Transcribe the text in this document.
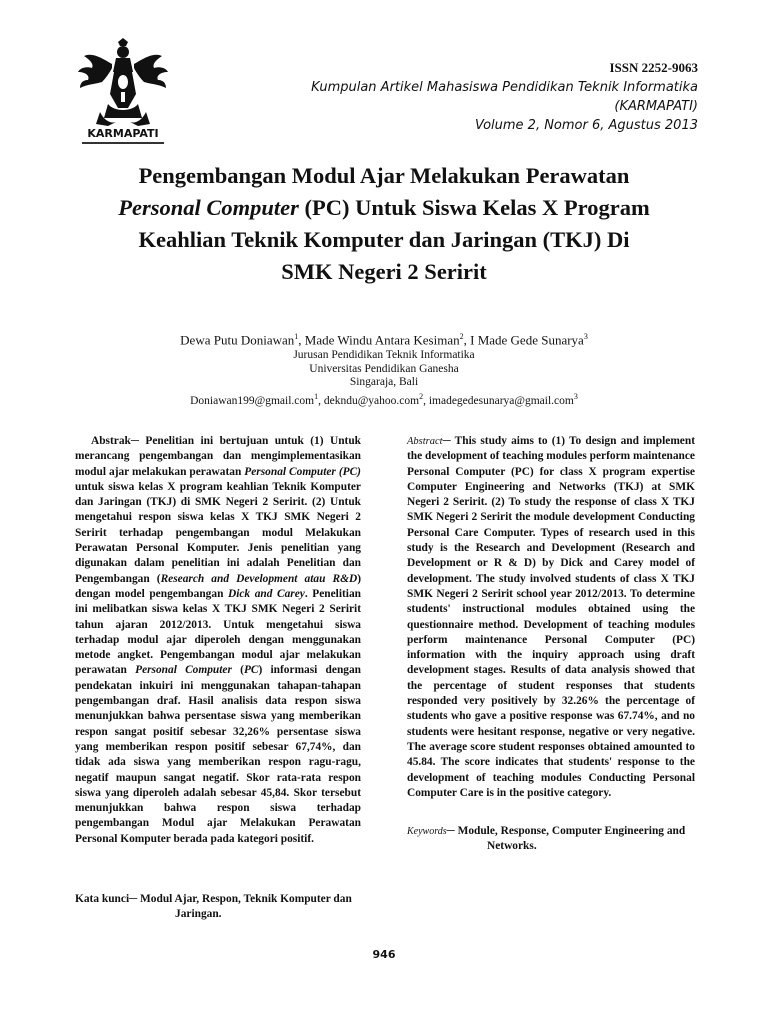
KARMAPATI
ISSN 2252-9063
Kumpulan Artikel Mahasiswa Pendidikan Teknik Informatika
(KARMAPATI)
Volume 2, Nomor 6, Agustus 2013
Pengembangan Modul Ajar Melakukan Perawatan
Personal Computer (PC) Untuk Siswa Kelas X Program
Keahlian Teknik Komputer dan Jaringan (TKJ) Di
SMK Negeri 2 Seririt
Dewa Putu Doniawan$^1$, Made Windu Antara Kesiman$^2$, I Made Gede Sunarya$^3$
Jurusan Pendidikan Teknik Informatika
Universitas Pendidikan Ganesha
Singaraja, Bali
Doniawan199@gmail.com$^1$, dekndu@yahoo.com$^2$, imadegedesunarya@gmail.com$^3$

Abstrak─ Penelitian ini bertujuan untuk (1) Untuk merancang pengembangan dan mengimplementasikan modul ajar melakukan perawatan Personal Computer (PC) untuk siswa kelas X program keahlian Teknik Komputer dan Jaringan (TKJ) di SMK Negeri 2 Seririt. (2) Untuk mengetahui respon siswa kelas X TKJ SMK Negeri 2 Seririt terhadap pengembangan modul Melakukan Perawatan Personal Komputer. Jenis penelitian yang digunakan dalam penelitian ini adalah Penelitian dan Pengembangan (Research and Development atau R&D) dengan model pengembangan Dick and Carey. Penelitian ini melibatkan siswa kelas X TKJ SMK Negeri 2 Seririt tahun ajaran 2012/2013. Untuk mengetahui siswa terhadap modul ajar diperoleh dengan menggunakan metode angket. Pengembangan modul ajar melakukan perawatan Personal Computer (PC) informasi dengan pendekatan inkuiri ini menggunakan tahapan-tahapan pengembangan draf. Hasil analisis data respon siswa menunjukkan bahwa persentase siswa yang memberikan respon sangat positif sebesar 32,26% persentase siswa yang memberikan respon positif sebesar 67,74%, dan tidak ada siswa yang memberikan respon ragu-ragu, negatif maupun sangat negatif. Skor rata-rata respon siswa yang diperoleh adalah sebesar 45,84. Skor tersebut menunjukkan bahwa respon siswa terhadap pengembangan Modul ajar Melakukan Perawatan Personal Komputer berada pada kategori positif.

Kata kunci─ Modul Ajar, Respon, Teknik Komputer dan Jaringan.

Abstract─ This study aims to (1) To design and implement the development of teaching modules perform maintenance Personal Computer (PC) for class X program expertise Computer Engineering and Networks (TKJ) at SMK Negeri 2 Seririt. (2) To study the response of class X TKJ SMK Negeri 2 Seririt the module development Conducting Personal Care Computer. Types of research used in this study is the Research and Development (Research and Development or R & D) by Dick and Carey model of development. The study involved students of class X TKJ SMK Negeri 2 Seririt school year 2012/2013. To determine students' instructional modules obtained using the questionnaire method. Development of teaching modules perform maintenance Personal Computer (PC) information with the inquiry approach using draft development stages. Results of data analysis showed that the percentage of student responses that students responded very positively by 32.26% the percentage of students who gave a positive response was 67.74%, and no students were hesitant response, negative or very negative. The average score student responses obtained amounted to 45.84. The score indicates that students' response to the development of teaching modules Conducting Personal Computer Care is in the positive category.

Keywords─ Module, Response, Computer Engineering and Networks.

946
